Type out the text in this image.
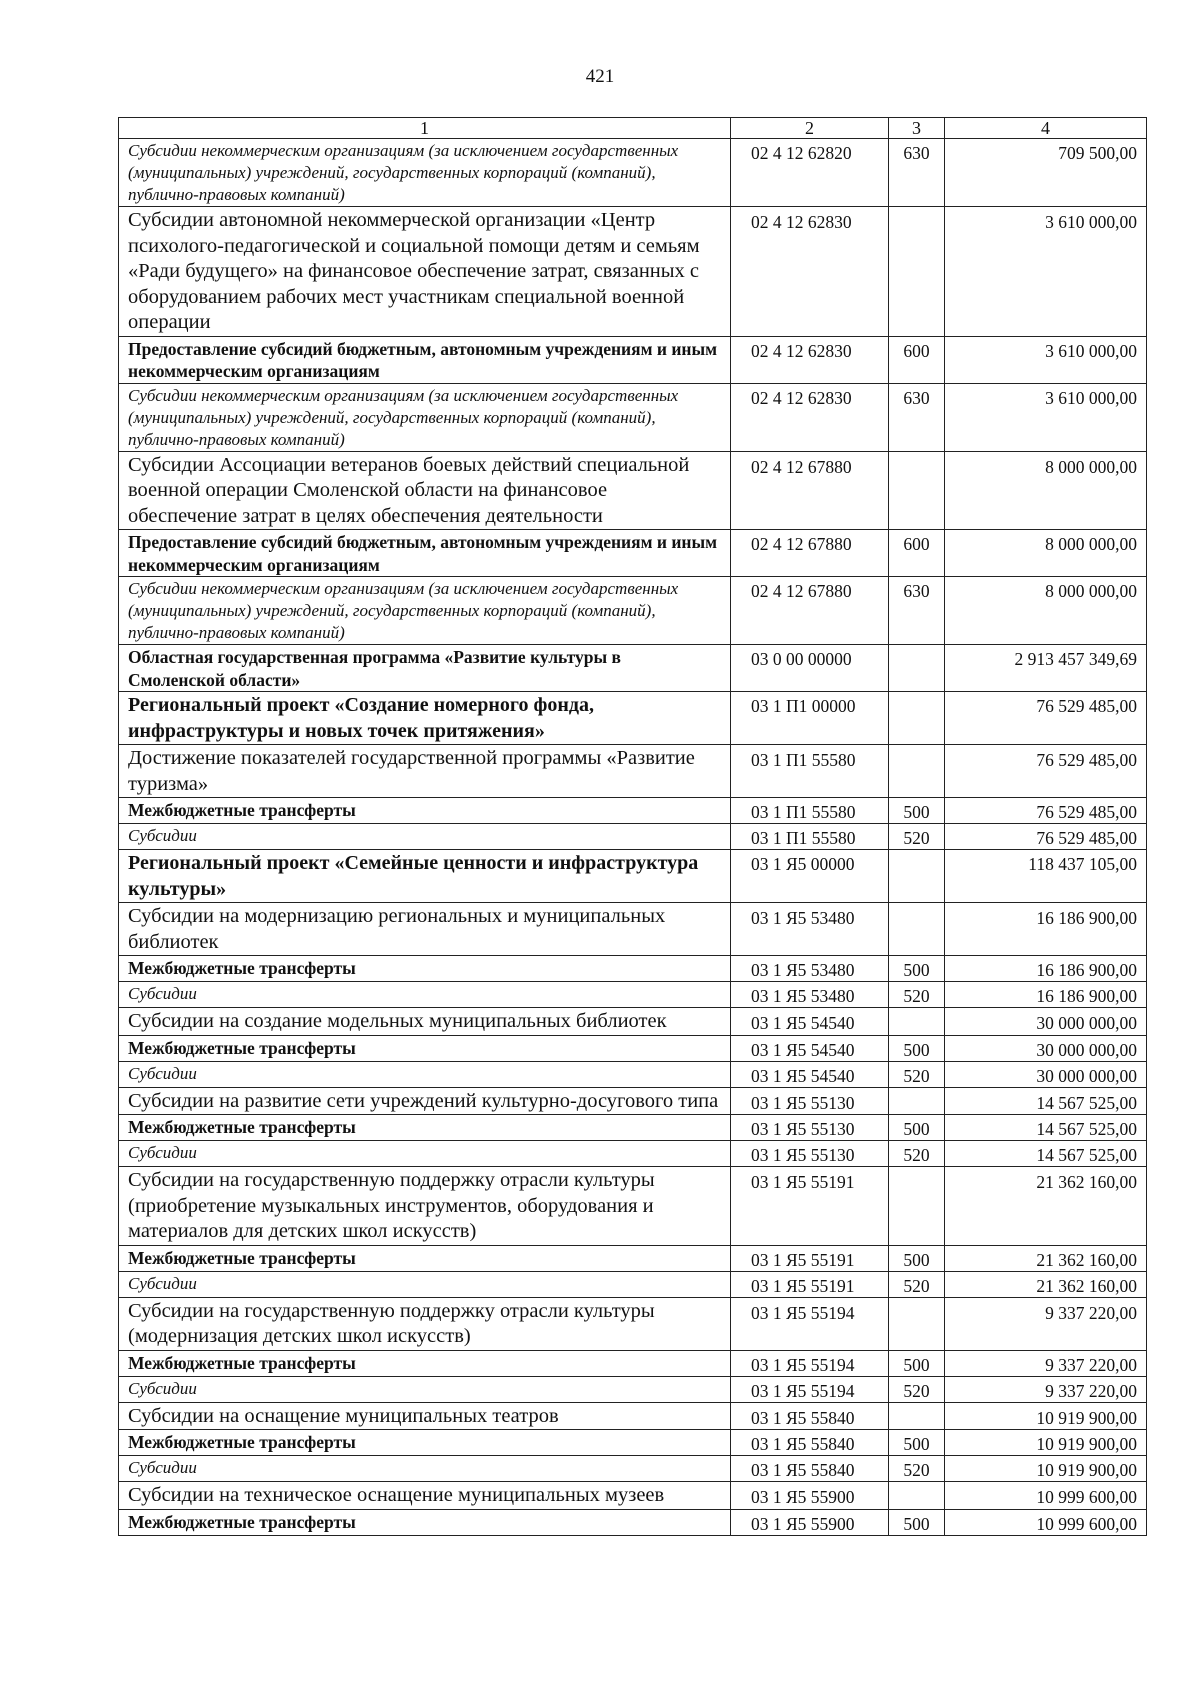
421
1	2	3	4
Субсидии некоммерческим организациям (за исключением государственных (муниципальных) учреждений, государственных корпораций (компаний), публично-правовых компаний)	02 4 12 62820	630	709 500,00
Субсидии автономной некоммерческой организации «Центр психолого-педагогической и социальной помощи детям и семьям «Ради будущего» на финансовое обеспечение затрат, связанных с оборудованием рабочих мест участникам специальной военной операции	02 4 12 62830		3 610 000,00
Предоставление субсидий бюджетным, автономным учреждениям и иным некоммерческим организациям	02 4 12 62830	600	3 610 000,00
Субсидии некоммерческим организациям (за исключением государственных (муниципальных) учреждений, государственных корпораций (компаний), публично-правовых компаний)	02 4 12 62830	630	3 610 000,00
Субсидии Ассоциации ветеранов боевых действий специальной военной операции Смоленской области на финансовое обеспечение затрат в целях обеспечения деятельности	02 4 12 67880		8 000 000,00
Предоставление субсидий бюджетным, автономным учреждениям и иным некоммерческим организациям	02 4 12 67880	600	8 000 000,00
Субсидии некоммерческим организациям (за исключением государственных (муниципальных) учреждений, государственных корпораций (компаний), публично-правовых компаний)	02 4 12 67880	630	8 000 000,00
Областная государственная программа «Развитие культуры в Смоленской области»	03 0 00 00000		2 913 457 349,69
Региональный проект «Создание номерного фонда, инфраструктуры и новых точек притяжения»	03 1 П1 00000		76 529 485,00
Достижение показателей государственной программы «Развитие туризма»	03 1 П1 55580		76 529 485,00
Межбюджетные трансферты	03 1 П1 55580	500	76 529 485,00
Субсидии	03 1 П1 55580	520	76 529 485,00
Региональный проект «Семейные ценности и инфраструктура культуры»	03 1 Я5 00000		118 437 105,00
Субсидии на модернизацию региональных и муниципальных библиотек	03 1 Я5 53480		16 186 900,00
Межбюджетные трансферты	03 1 Я5 53480	500	16 186 900,00
Субсидии	03 1 Я5 53480	520	16 186 900,00
Субсидии на создание модельных муниципальных библиотек	03 1 Я5 54540		30 000 000,00
Межбюджетные трансферты	03 1 Я5 54540	500	30 000 000,00
Субсидии	03 1 Я5 54540	520	30 000 000,00
Субсидии на развитие сети учреждений культурно-досугового типа	03 1 Я5 55130		14 567 525,00
Межбюджетные трансферты	03 1 Я5 55130	500	14 567 525,00
Субсидии	03 1 Я5 55130	520	14 567 525,00
Субсидии на государственную поддержку отрасли культуры (приобретение музыкальных инструментов, оборудования и материалов для детских школ искусств)	03 1 Я5 55191		21 362 160,00
Межбюджетные трансферты	03 1 Я5 55191	500	21 362 160,00
Субсидии	03 1 Я5 55191	520	21 362 160,00
Субсидии на государственную поддержку отрасли культуры (модернизация детских школ искусств)	03 1 Я5 55194		9 337 220,00
Межбюджетные трансферты	03 1 Я5 55194	500	9 337 220,00
Субсидии	03 1 Я5 55194	520	9 337 220,00
Субсидии на оснащение муниципальных театров	03 1 Я5 55840		10 919 900,00
Межбюджетные трансферты	03 1 Я5 55840	500	10 919 900,00
Субсидии	03 1 Я5 55840	520	10 919 900,00
Субсидии на техническое оснащение муниципальных музеев	03 1 Я5 55900		10 999 600,00
Межбюджетные трансферты	03 1 Я5 55900	500	10 999 600,00
